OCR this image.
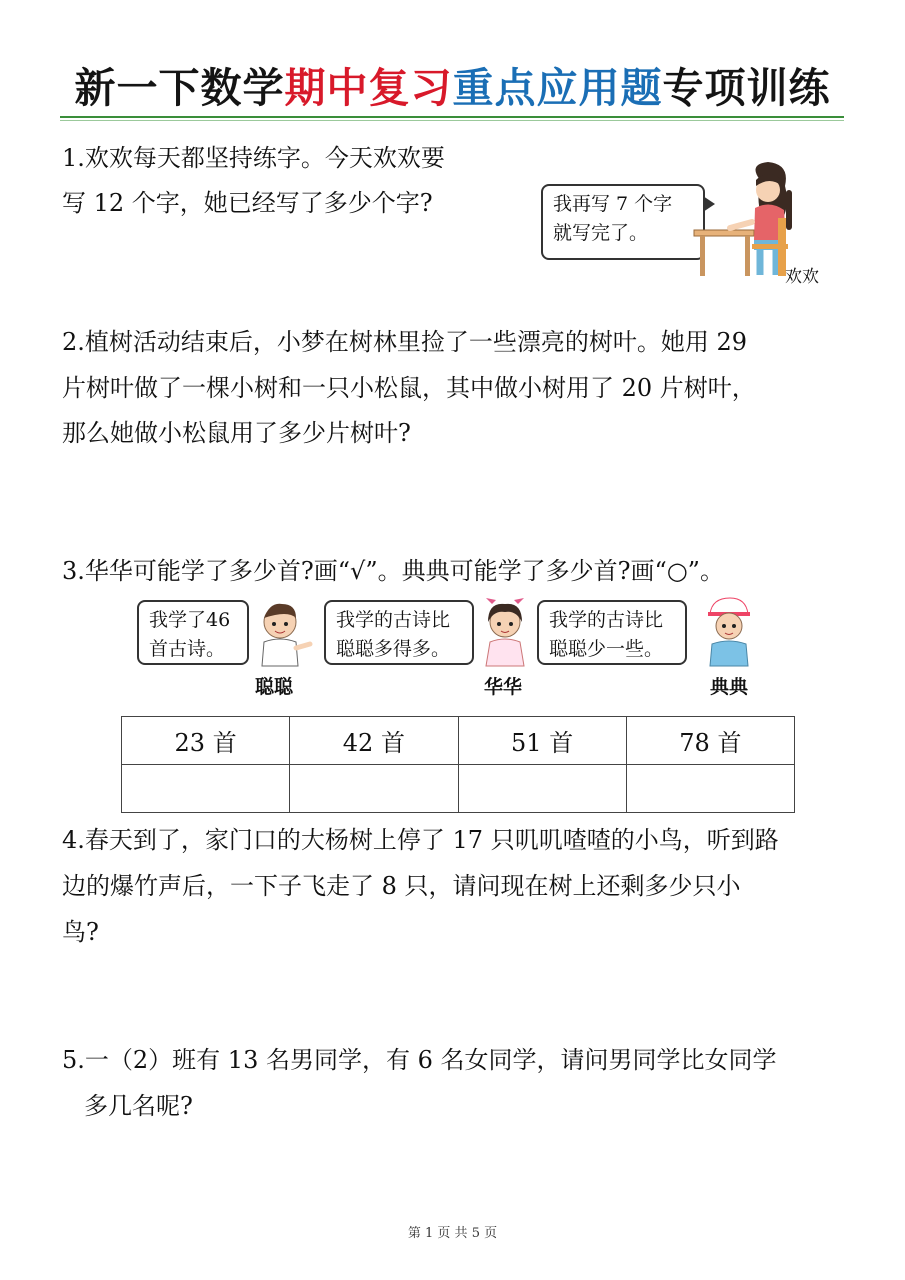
新一下数学期中复习重点应用题专项训练
1.欢欢每天都坚持练字。今天欢欢要
写 12 个字，她已经写了多少个字?	我再写 7 个字
就写完了。
欢欢
2.植树活动结束后，小梦在树林里捡了一些漂亮的树叶。她用 29
片树叶做了一棵小树和一只小松鼠，其中做小树用了 20 片树叶，
那么她做小松鼠用了多少片树叶?
3.华华可能学了多少首?画“√”。典典可能学了多少首?画“○”。
我学了46
首古诗。
聪聪
我学的古诗比
聪聪多得多。
华华
我学的古诗比
聪聪少一些。
典典
23 首	42 首	51 首	78 首

4.春天到了，家门口的大杨树上停了 17 只叽叽喳喳的小鸟，听到路
边的爆竹声后，一下子飞走了 8 只，请问现在树上还剩多少只小
鸟?
5.一（2）班有 13 名男同学，有 6 名女同学，请问男同学比女同学
多几名呢?
第 1 页 共 5 页
